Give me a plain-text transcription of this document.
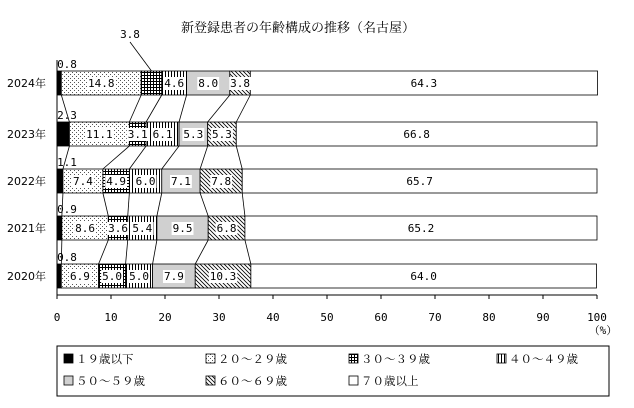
新登録患者の年齢構成の推移（名古屋）
（%）
0.8
14.8
3.8
4.6 8.0 3.8	64.3
2.3
11.1 3.1 6.1 5.3 5.3	66.8
1.1
7.4 4.9 6.0 7.1 7.8	65.7
0.9
8.6 3.6 5.4 9.5 6.8	65.2
0.8
6.9 5.0 5.0 7.9 10.3	64.0
2024年
2023年
2022年
2021年
2020年
0	10	20	30	40	50	60	70	80	90	100
１９歳以下	２０～２９歳	３０～３９歳	４０～４９歳
５０～５９歳	６０～６９歳	７０歳以上
